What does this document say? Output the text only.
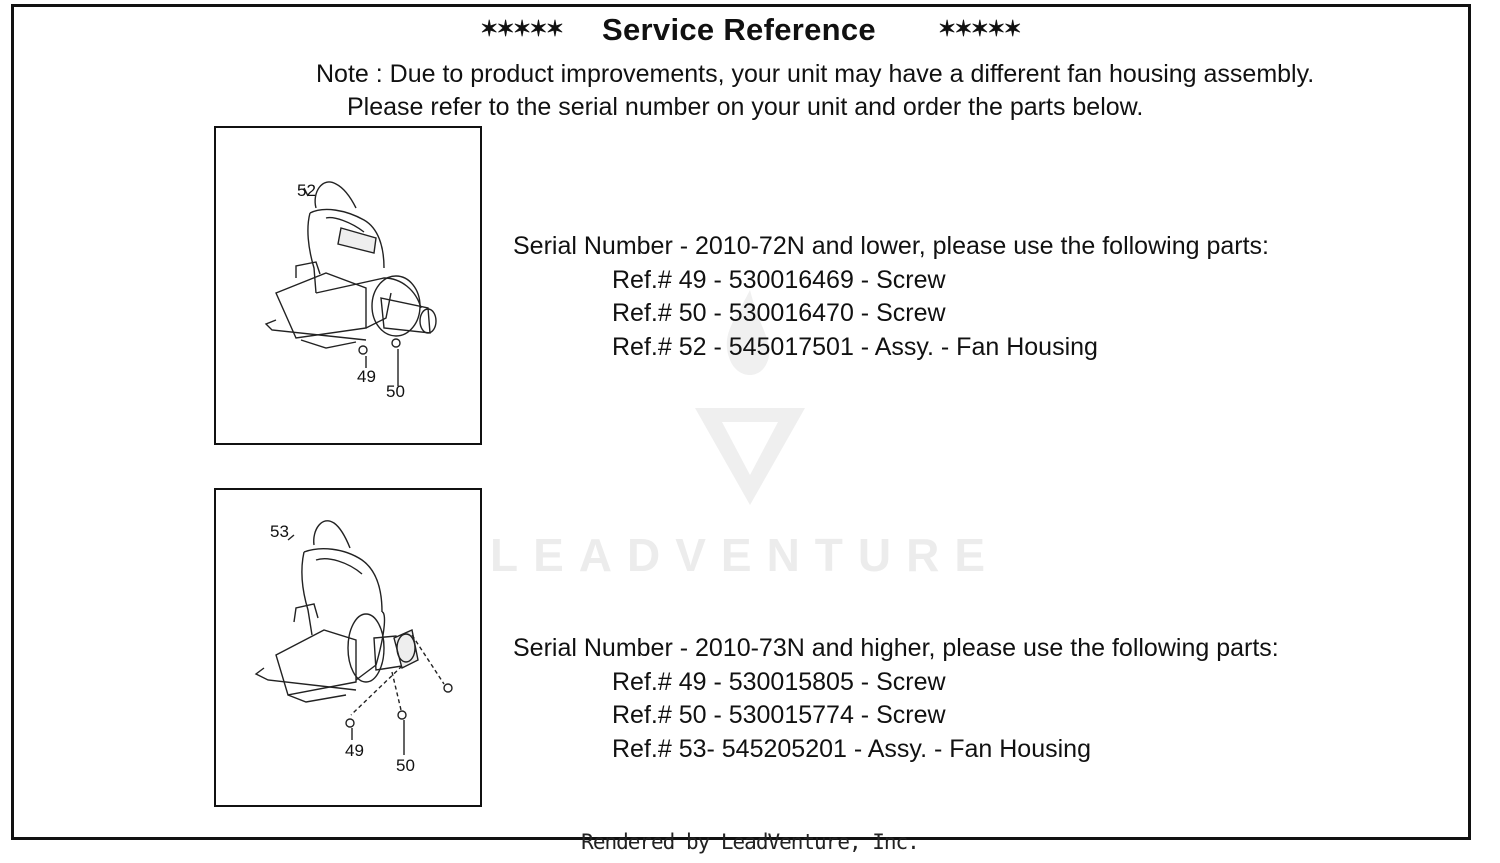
LEADVENTURE
✶✶✶✶✶ Service Reference	✶✶✶✶✶
Note : Due to product improvements, your unit may have a different fan housing assembly.
Please refer to the serial number on your unit and order the parts below.
52
49
50
Serial Number - 2010-72N and lower, please use the following parts:
Ref.# 49 - 530016469 - Screw
Ref.# 50 - 530016470 - Screw
Ref.# 52 - 545017501 - Assy. - Fan Housing
53
49
50
Serial Number - 2010-73N and higher, please use the following parts:
Ref.# 49 - 530015805 - Screw
Ref.# 50 - 530015774 - Screw
Ref.# 53- 545205201 - Assy. - Fan Housing
Rendered by LeadVenture, Inc.
